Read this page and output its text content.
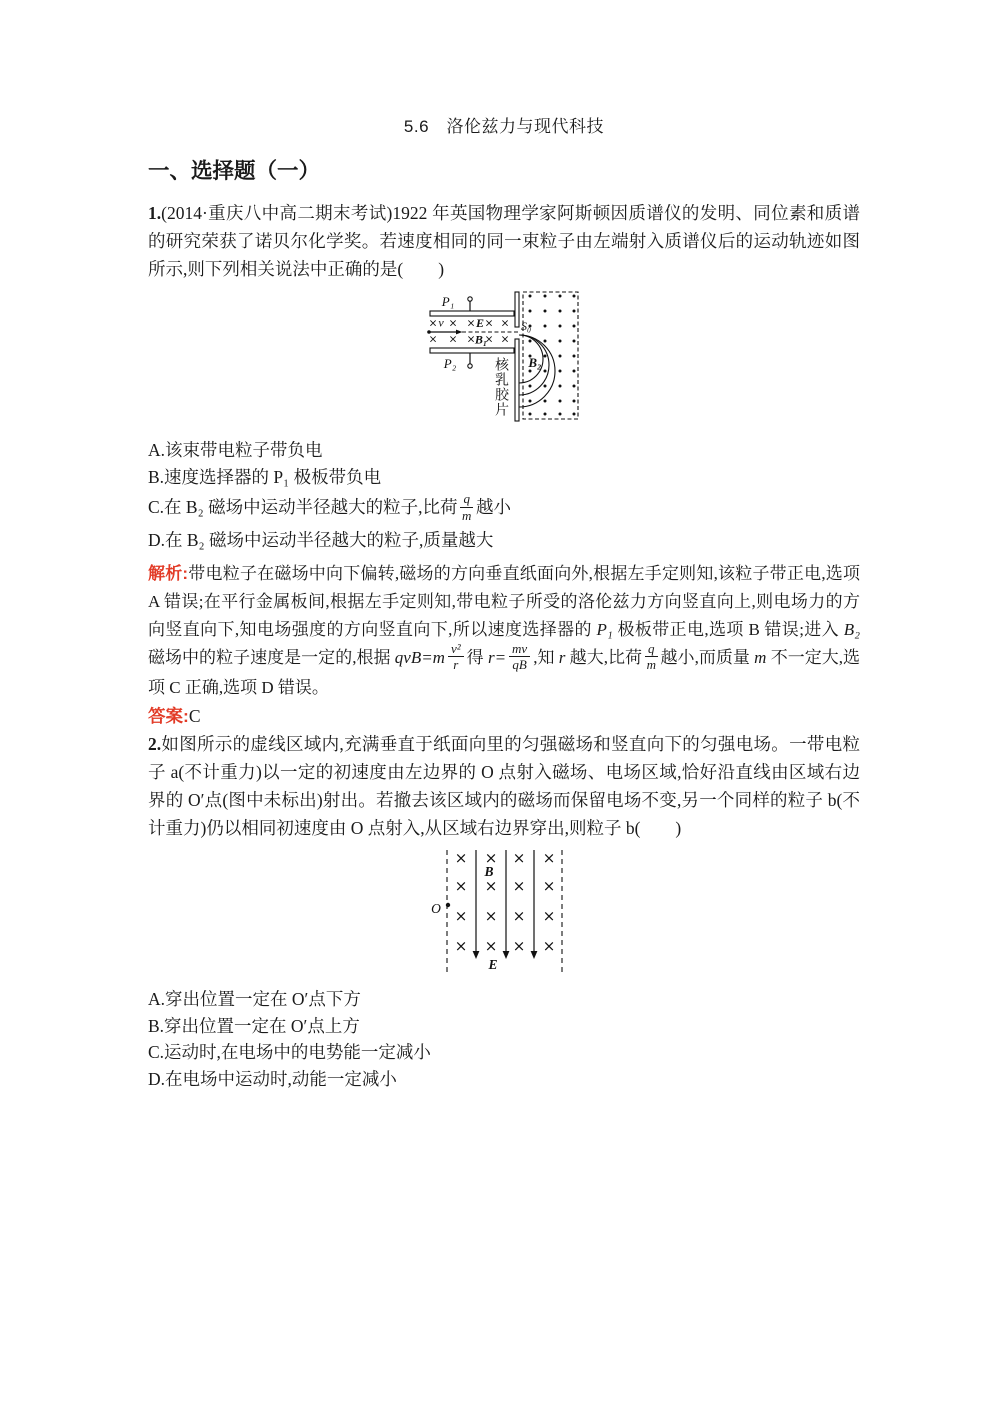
5.6　洛伦兹力与现代科技
一、选择题（一）

1.(2014·重庆八中高二期末考试)1922 年英国物理学家阿斯顿因质谱仪的发明、同位素和质谱的研究荣获了诺贝尔化学奖。若速度相同的同一束粒子由左端射入质谱仪后的运动轨迹如图所示,则下列相关说法中正确的是(　　)

× × × × ×
× × × × ×
P₁
P₂
v	E
B₁
S₀
B₂
核乳胶片
A.该束带电粒子带负电
B.速度选择器的 P₁ 极板带负电
C.在 B₂ 磁场中运动半径越大的粒子,比荷 $\frac{q}{m}$ 越小
D.在 B₂ 磁场中运动半径越大的粒子,质量越大

解析:带电粒子在磁场中向下偏转,磁场的方向垂直纸面向外,根据左手定则知,该粒子带正电,选项 A 错误;在平行金属板间,根据左手定则知,带电粒子所受的洛伦兹力方向竖直向上,则电场力的方向竖直向下,知电场强度的方向竖直向下,所以速度选择器的 P₁ 极板带正电,选项 B 错误;进入 B₂ 磁场中的粒子速度是一定的,根据 $qvB=m \frac{\text{v²}}{r}$ 得 $r= \frac{mv}{qB}$ ,知 r 越大,比荷 $\frac{q}{m}$ 越小,而质量 m 不一定大,选项 C 正确,选项 D 错误。

答案:C

2.如图所示的虚线区域内,充满垂直于纸面向里的匀强磁场和竖直向下的匀强电场。一带电粒子 a(不计重力)以一定的初速度由左边界的 O 点射入磁场、电场区域,恰好沿直线由区域右边界的 O′点(图中未标出)射出。若撤去该区域内的磁场而保留电场不变,另一个同样的粒子 b(不计重力)仍以相同初速度由 O 点射入,从区域右边界穿出,则粒子 b(　　)

× × × ×
× × × ×
× × × ×
× × × ×
O
B
E
A.穿出位置一定在 O′点下方
B.穿出位置一定在 O′点上方
C.运动时,在电场中的电势能一定减小
D.在电场中运动时,动能一定减小
